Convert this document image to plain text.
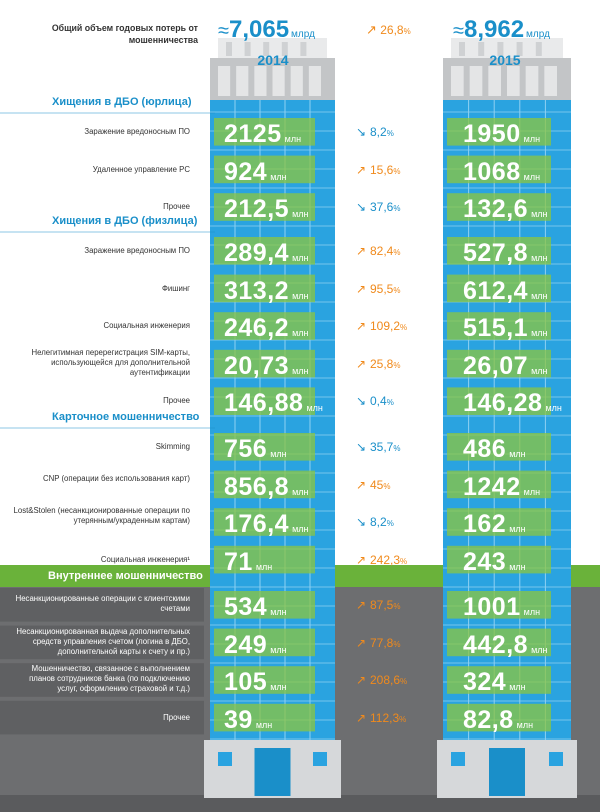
Общий объем годовых потерь от мошенничества ≈7,065 млрд	↗ 26,8% ≈8,962 млрд
2014	2015
Хищения в ДБО (юрлица)
Заражение вредоносным ПО 2125 млн	↘ 8,2%	1950 млн
Удаленное управление PC 924 млн	↗ 15,6%	1068 млн
Прочее 212,5 млн	↘ 37,6%	132,6 млн
Хищения в ДБО (физлица)
Заражение вредоносным ПО 289,4 млн	↗ 82,4%	527,8 млн
Фишинг 313,2 млн	↗ 95,5%	612,4 млн
Социальная инженерия 246,2 млн	↗ 109,2% 515,1 млн
Нелегитимная перерегистрация SIM-карты, использующейся для дополнительной аутентификации 20,73 млн	↗ 25,8%	26,07 млн
Прочее 146,88 млн	↘ 0,4%	146,28 млн
Карточное мошенничество
Skimming 756 млн	↘ 35,7%	486 млн
CNP (операции без использования карт) 856,8 млн	↗ 45%	1242 млн
Lost&Stolen (несанкционированные операции по утерянным/украденным картам) 176,4 млн	↘ 8,2%	162 млн
Социальная инженерия¹ 71 млн	↗ 242,3% 243 млн
Внутреннее мошенничество
Несанкционированные операции с клиентскими счетами 534 млн	↗ 87,5%	1001 млн
Несанкционированная выдача дополнительных средств управления счетом (логина в ДБО, дополнительной карты к счету и пр.) 249 млн	↗ 77,8%	442,8 млн
Мошенничество, связанное с выполнением планов сотрудников банка (по подключению услуг, оформлению страховой и т.д.) 105 млн	↗ 208,6% 324 млн
Прочее 39 млн	↗ 112,3% 82,8 млн
